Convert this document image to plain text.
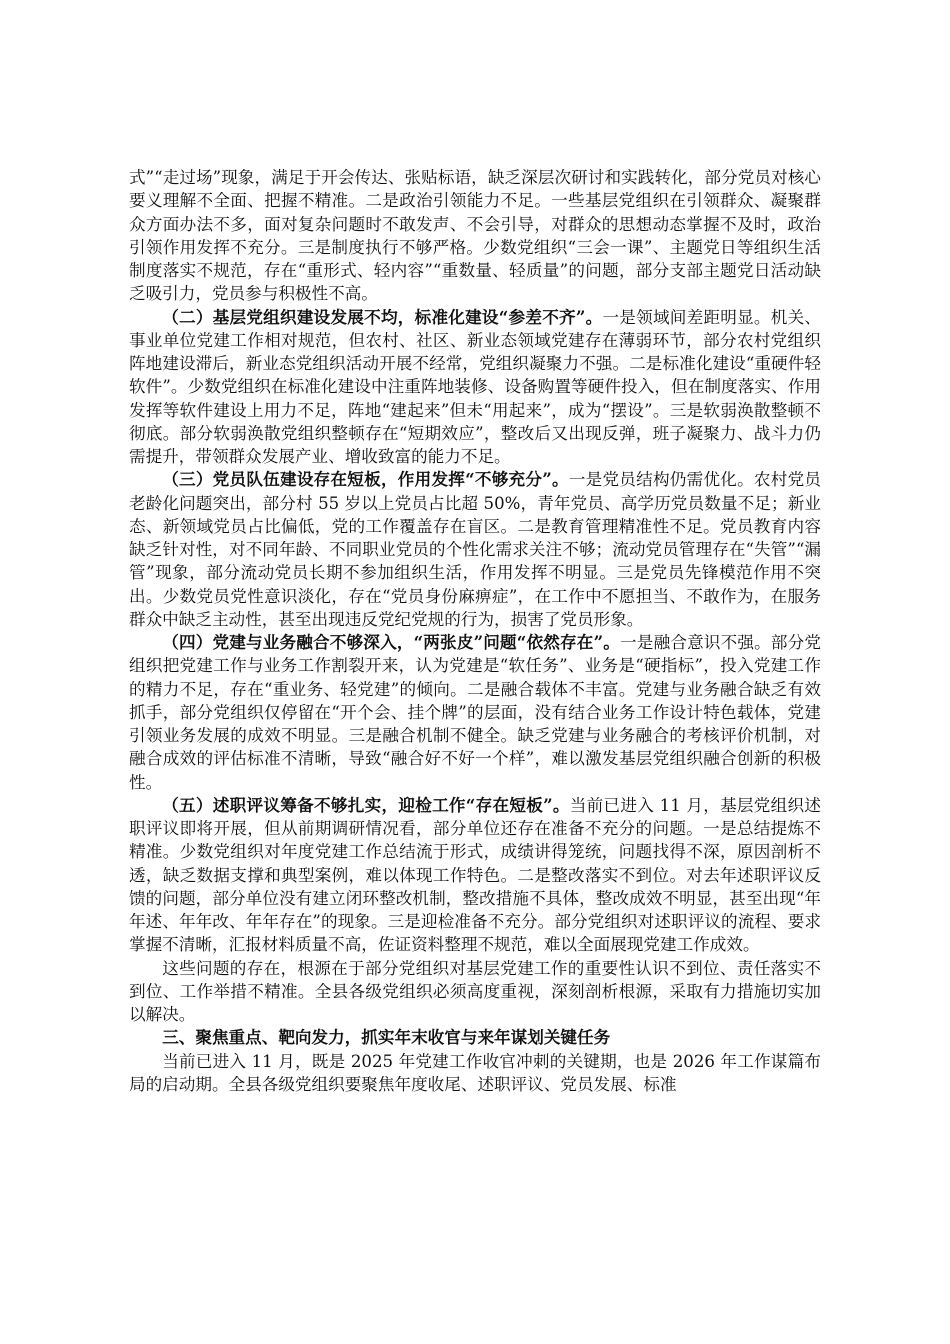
式”“走过场”现象，满足于开会传达、张贴标语，缺乏深层次研讨和实践转化，部分党员对核心要义理解不全面、把握不精准。二是政治引领能力不足。一些基层党组织在引领群众、凝聚群众方面办法不多，面对复杂问题时不敢发声、不会引导，对群众的思想动态掌握不及时，政治引领作用发挥不充分。三是制度执行不够严格。少数党组织“三会一课”、主题党日等组织生活制度落实不规范，存在“重形式、轻内容”“重数量、轻质量”的问题，部分支部主题党日活动缺乏吸引力，党员参与积极性不高。

（二）基层党组织建设发展不均，标准化建设“参差不齐”。一是领域间差距明显。机关、事业单位党建工作相对规范，但农村、社区、新业态领域党建存在薄弱环节，部分农村党组织阵地建设滞后，新业态党组织活动开展不经常，党组织凝聚力不强。二是标准化建设“重硬件轻软件”。少数党组织在标准化建设中注重阵地装修、设备购置等硬件投入，但在制度落实、作用发挥等软件建设上用力不足，阵地“建起来”但未“用起来”，成为“摆设”。三是软弱涣散整顿不彻底。部分软弱涣散党组织整顿存在“短期效应”，整改后又出现反弹，班子凝聚力、战斗力仍需提升，带领群众发展产业、增收致富的能力不足。

（三）党员队伍建设存在短板，作用发挥“不够充分”。一是党员结构仍需优化。农村党员老龄化问题突出，部分村 55 岁以上党员占比超 50%，青年党员、高学历党员数量不足；新业态、新领域党员占比偏低，党的工作覆盖存在盲区。二是教育管理精准性不足。党员教育内容缺乏针对性，对不同年龄、不同职业党员的个性化需求关注不够；流动党员管理存在“失管”“漏管”现象，部分流动党员长期不参加组织生活，作用发挥不明显。三是党员先锋模范作用不突出。少数党员党性意识淡化，存在“党员身份麻痹症”，在工作中不愿担当、不敢作为，在服务群众中缺乏主动性，甚至出现违反党纪党规的行为，损害了党员形象。

（四）党建与业务融合不够深入，“两张皮”问题“依然存在”。一是融合意识不强。部分党组织把党建工作与业务工作割裂开来，认为党建是“软任务”、业务是“硬指标”，投入党建工作的精力不足，存在“重业务、轻党建”的倾向。二是融合载体不丰富。党建与业务融合缺乏有效抓手，部分党组织仅停留在“开个会、挂个牌”的层面，没有结合业务工作设计特色载体，党建引领业务发展的成效不明显。三是融合机制不健全。缺乏党建与业务融合的考核评价机制，对融合成效的评估标准不清晰，导致“融合好不好一个样”，难以激发基层党组织融合创新的积极性。

（五）述职评议筹备不够扎实，迎检工作“存在短板”。当前已进入 11 月，基层党组织述职评议即将开展，但从前期调研情况看，部分单位还存在准备不充分的问题。一是总结提炼不精准。少数党组织对年度党建工作总结流于形式，成绩讲得笼统，问题找得不深，原因剖析不透，缺乏数据支撑和典型案例，难以体现工作特色。二是整改落实不到位。对去年述职评议反馈的问题，部分单位没有建立闭环整改机制，整改措施不具体，整改成效不明显，甚至出现“年年述、年年改、年年存在”的现象。三是迎检准备不充分。部分党组织对述职评议的流程、要求掌握不清晰，汇报材料质量不高，佐证资料整理不规范，难以全面展现党建工作成效。

这些问题的存在，根源在于部分党组织对基层党建工作的重要性认识不到位、责任落实不到位、工作举措不精准。全县各级党组织必须高度重视，深刻剖析根源，采取有力措施切实加以解决。

三、聚焦重点、靶向发力，抓实年末收官与来年谋划关键任务

当前已进入 11 月，既是 2025 年党建工作收官冲刺的关键期，也是 2026 年工作谋篇布局的启动期。全县各级党组织要聚焦年度收尾、述职评议、党员发展、标准
